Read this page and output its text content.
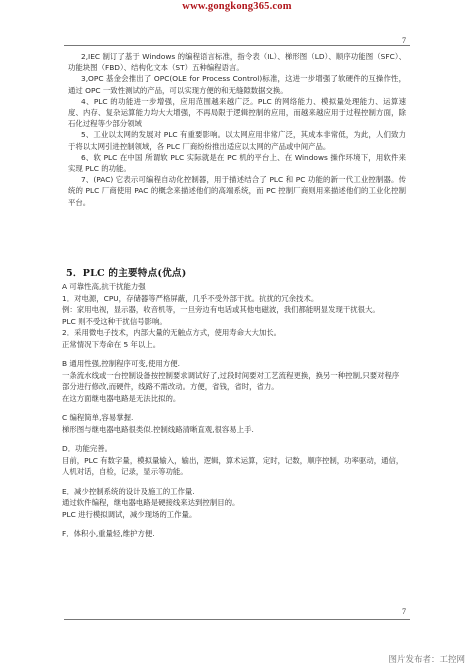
www.gongkong365.com
7

2,IEC 制订了基于 Windows 的编程语言标准，指令表（IL）、梯形图（LD）、顺序功能图（SFC）、功能块图（FBD）、结构化文本（ST）五种编程语言。

3,OPC 基金会推出了 OPC(OLE for Process Control)标准，这进一步增强了软硬件的互操作性，通过 OPC 一致性测试的产品，可以实现方便的和无缝隙数据交换。

4、PLC 的功能进一步增强，应用范围越来越广泛。PLC 的网络能力、模拟量处理能力、运算速度、内存、复杂运算能力均大大增强，不再局限于逻辑控制的应用，而越来越应用于过程控制方面，除石化过程等少部分领域

5、工业以太网的发展对 PLC 有重要影响。以太网应用非常广泛，其成本非常低，为此，人们致力于将以太网引进控制领域，各 PLC 厂商纷纷推出适应以太网的产品或中间产品。

6、软 PLC 在中国 所谓软 PLC 实际就是在 PC 机的平台上、在 Windows 操作环境下，用软件来实现 PLC 的功能。

7、(PAC) 它表示可编程自动化控制器，用于描述结合了 PLC 和 PC 功能的新一代工业控制器。传统的 PLC 厂商使用 PAC 的概念来描述他们的高端系统，而 PC 控制厂商则用来描述他们的工业化控制平台。

5．PLC 的主要特点(优点)

A 可靠性高,抗干扰能力强

1．对电源，CPU，存储器等严格屏蔽，几乎不受外部干扰。抗扰的冗余技术。

例：家用电视，显示器，收音机等，一旦旁边有电话或其他电磁波，我们都能明显发现干扰很大。

PLC 则不受这种干扰信号影响。

2．采用微电子技术，内部大量的无触点方式，使用寿命大大加长。

正常情况下寿命在 5 年以上。

B 通用性强,控制程序可变,使用方便.

一条流水线或一台控制设备按控制要求调试好了,过段时间要对工艺流程更换，换另一种控制,只要对程序部分进行修改,而硬件，线路不需改动。方便，省钱，省时，省力。

在这方面继电器电路是无法比拟的。

C 编程简单,容易掌握.

梯形图与继电器电路很类似.控制线路清晰直观,很容易上手.

D．功能完善。

目前，PLC 有数字量，模拟量输入，输出，逻辑，算术运算，定时，记数，顺序控制，功率驱动，通信，人机对话，自检，记录，显示等功能。

E．减少控制系统的设计及施工的工作量.

通过软件编程，继电器电路是硬接线来达到控制目的。

PLC 进行模拟调试，减少现场的工作量。

F．体积小,重量轻,维护方便.

7
图片发布者：工控网
